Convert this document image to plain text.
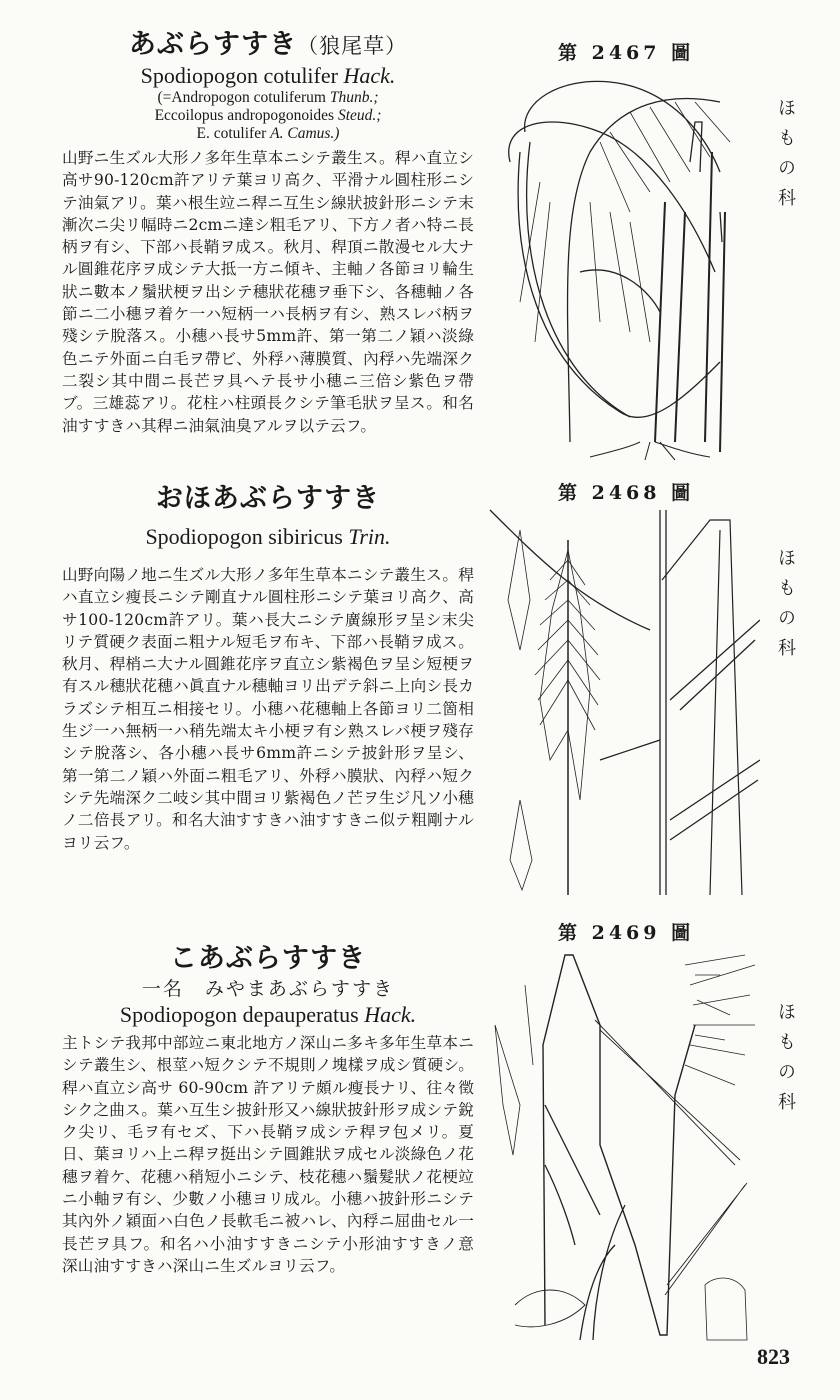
あぶらすすき（狼尾草）
Spodiopogon cotulifer Hack.
(=Andropogon cotuliferum Thunb.;
Eccoilopus andropogonoides Steud.;
E. cotulifer A. Camus.)
山野ニ生ズル大形ノ多年生草本ニシテ叢生ス。稈ハ直立シ高サ90-120cm許アリテ葉ヨリ高ク、平滑ナル圓柱形ニシテ油氣アリ。葉ハ根生竝ニ稈ニ互生シ線狀披針形ニシテ末漸次ニ尖リ幅時ニ2cmニ達シ粗毛アリ、下方ノ者ハ特ニ長柄ヲ有シ、下部ハ長鞘ヲ成ス。秋月、稈頂ニ散漫セル大ナル圓錐花序ヲ成シテ大抵一方ニ傾キ、主軸ノ各節ヨリ輪生狀ニ數本ノ鬚狀梗ヲ出シテ穗狀花穗ヲ垂下シ、各穗軸ノ各節ニ二小穗ヲ着ケ一ハ短柄一ハ長柄ヲ有シ、熟スレバ柄ヲ殘シテ脫落ス。小穗ハ長サ5mm許、第一第二ノ穎ハ淡綠色ニテ外面ニ白毛ヲ帶ビ、外稃ハ薄膜質、內稃ハ先端深ク二裂シ其中間ニ長芒ヲ具ヘテ長サ小穗ニ三倍シ紫色ヲ帶ブ。三雄蕊アリ。花柱ハ柱頭長クシテ筆毛狀ヲ呈ス。和名油すすきハ其稈ニ油氣油臭アルヲ以テ云フ。
おほあぶらすすき
Spodiopogon sibiricus Trin.
山野向陽ノ地ニ生ズル大形ノ多年生草本ニシテ叢生ス。稈ハ直立シ瘦長ニシテ剛直ナル圓柱形ニシテ葉ヨリ高ク、高サ100-120cm許アリ。葉ハ長大ニシテ廣線形ヲ呈シ末尖リテ質硬ク表面ニ粗ナル短毛ヲ布キ、下部ハ長鞘ヲ成ス。秋月、稈梢ニ大ナル圓錐花序ヲ直立シ紫褐色ヲ呈シ短梗ヲ有スル穗狀花穗ハ眞直ナル穗軸ヨリ出デテ斜ニ上向シ長カラズシテ相互ニ相接セリ。小穗ハ花穗軸上各節ヨリ二箇相生ジ一ハ無柄一ハ稍先端太キ小梗ヲ有シ熟スレバ梗ヲ殘存シテ脫落シ、各小穗ハ長サ6mm許ニシテ披針形ヲ呈シ、第一第二ノ穎ハ外面ニ粗毛アリ、外稃ハ膜狀、內稃ハ短クシテ先端深ク二岐シ其中間ヨリ紫褐色ノ芒ヲ生ジ凡ソ小穗ノ二倍長アリ。和名大油すすきハ油すすきニ似テ粗剛ナルヨリ云フ。
こあぶらすすき
一名　みやまあぶらすすき
Spodiopogon depauperatus Hack.
主トシテ我邦中部竝ニ東北地方ノ深山ニ多キ多年生草本ニシテ叢生シ、根莖ハ短クシテ不規則ノ塊樣ヲ成シ質硬シ。稈ハ直立シ高サ 60-90cm 許アリテ頗ル瘦長ナリ、往々徵シク之曲ス。葉ハ互生シ披針形又ハ線狀披針形ヲ成シテ銳ク尖リ、毛ヲ有セズ、下ハ長鞘ヲ成シテ稈ヲ包メリ。夏日、葉ヨリハ上ニ稈ヲ挺出シテ圓錐狀ヲ成セル淡綠色ノ花穗ヲ着ケ、花穗ハ稍短小ニシテ、枝花穗ハ鬚髮狀ノ花梗竝ニ小軸ヲ有シ、少數ノ小穗ヨリ成ル。小穗ハ披針形ニシテ其內外ノ穎面ハ白色ノ長軟毛ニ被ハレ、內稃ニ屈曲セル一長芒ヲ具フ。和名ハ小油すすきニシテ小形油すすきノ意　深山油すすきハ深山ニ生ズルヨリ云フ。
第 2467 圖
第 2468 圖
第 2469 圖
ほもの科
ほもの科
ほもの科
823
